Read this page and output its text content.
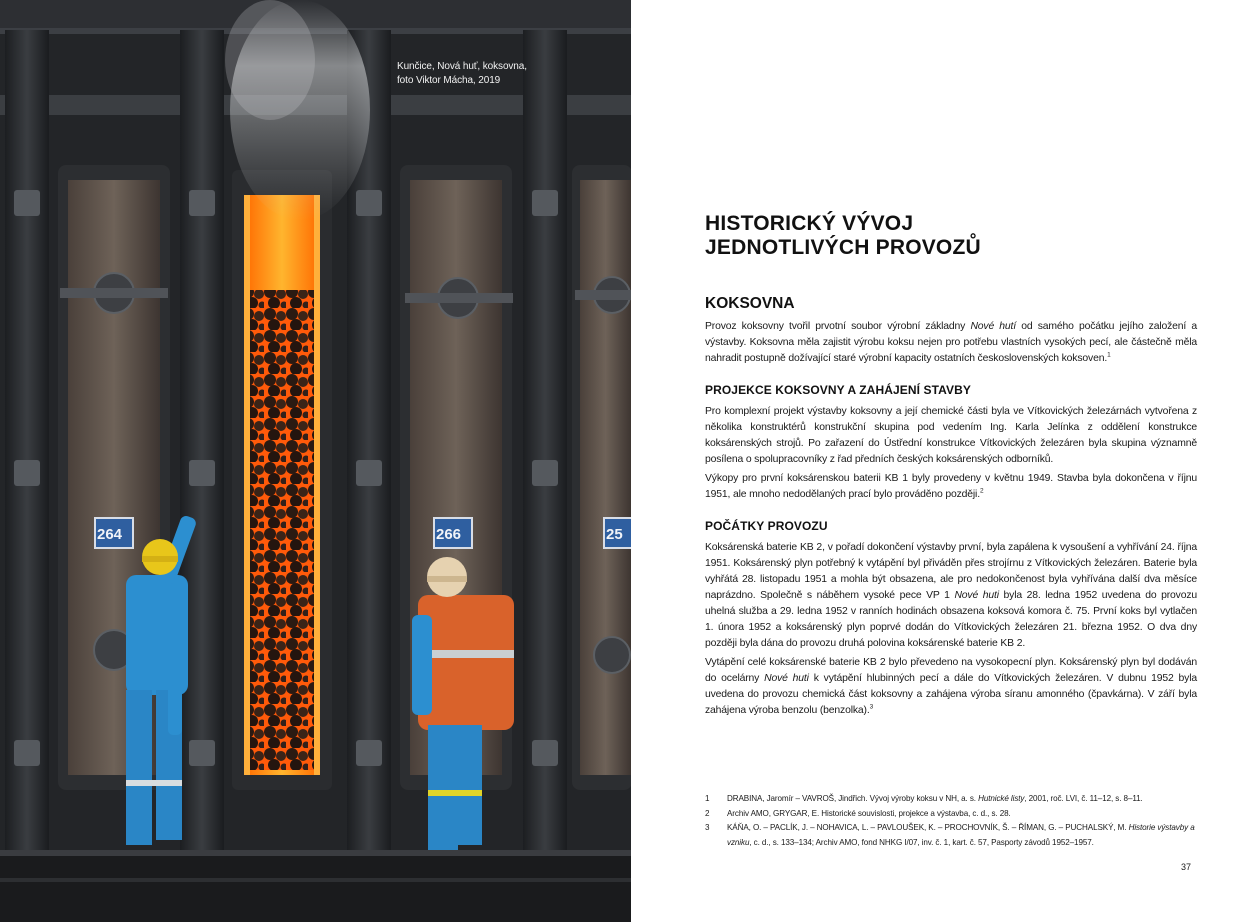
264	266	25
Kunčice, Nová huť, koksovna,
foto Viktor Mácha, 2019
HISTORICKÝ VÝVOJ
JEDNOTLIVÝCH PROVOZŮ
KOKSOVNA

Provoz koksovny tvořil prvotní soubor výrobní základny Nové hutí od samého počátku jejího založení a výstavby. Koksovna měla zajistit výrobu koksu nejen pro potřebu vlastních vysokých pecí, ale částečně měla nahradit postupně dožívající staré výrobní kapacity ostatních československých koksoven.$^1$

PROJEKCE KOKSOVNY A ZAHÁJENÍ STAVBY

Pro komplexní projekt výstavby koksovny a její chemické části byla ve Vítkovických železárnách vytvořena z několika konstruktérů konstrukční skupina pod vedením Ing. Karla Jelínka z oddělení konstrukce koksárenských strojů. Po zařazení do Ústřední konstrukce Vítkovických železáren byla skupina významně posílena o spolupracovníky z řad předních českých koksárenských odborníků.

Výkopy pro první koksárenskou baterii KB 1 byly provedeny v květnu 1949. Stavba byla dokončena v říjnu 1951, ale mnoho nedodělaných prací bylo prováděno později.$^2$

POČÁTKY PROVOZU

Koksárenská baterie KB 2, v pořadí dokončení výstavby první, byla zapálena k vysoušení a vyhřívání 24. října 1951. Koksárenský plyn potřebný k vytápění byl přiváděn přes strojírnu z Vítkovických železáren. Baterie byla vyhřátá 28. listopadu 1951 a mohla být obsazena, ale pro nedokončenost byla vyhřívána další dva měsíce naprázdno. Společně s náběhem vysoké pece VP 1 Nové huti byla 28. ledna 1952 uvedena do provozu uhelná služba a 29. ledna 1952 v ranních hodinách obsazena koksová komora č. 75. První koks byl vytlačen 1. února 1952 a koksárenský plyn poprvé dodán do Vítkovických železáren 21. března 1952. O dva dny později byla dána do provozu druhá polovina koksárenské baterie KB 2.

Vytápění celé koksárenské baterie KB 2 bylo převedeno na vysokopecní plyn. Koksárenský plyn byl dodáván do ocelárny Nové huti k vytápění hlubinných pecí a dále do Vítkovických železáren. V dubnu 1952 byla uvedena do provozu chemická část koksovny a zahájena výroba síranu amonného (čpavkárna). V září byla zahájena výroba benzolu (benzolka).$^3$

1 DRABINA, Jaromír – VAVROŠ, Jindřich. Vývoj výroby koksu v NH, a. s. Hutnické listy, 2001, roč. LVI, č. 11–12, s. 8–11.
2 Archiv AMO, GRYGAR, E. Historické souvislosti, projekce a výstavba, c. d., s. 28.
3 KÁŇA, O. – PACLÍK, J. – NOHAVICA, L. – PAVLOUŠEK, K. – PROCHOVNÍK, Š. – ŘÍMAN, G. – PUCHALSKÝ, M. Historie výstavby a vzniku, c. d., s. 133–134; Archiv AMO, fond NHKG I/07, inv. č. 1, kart. č. 57, Pasporty závodů 1952–1957.
37
